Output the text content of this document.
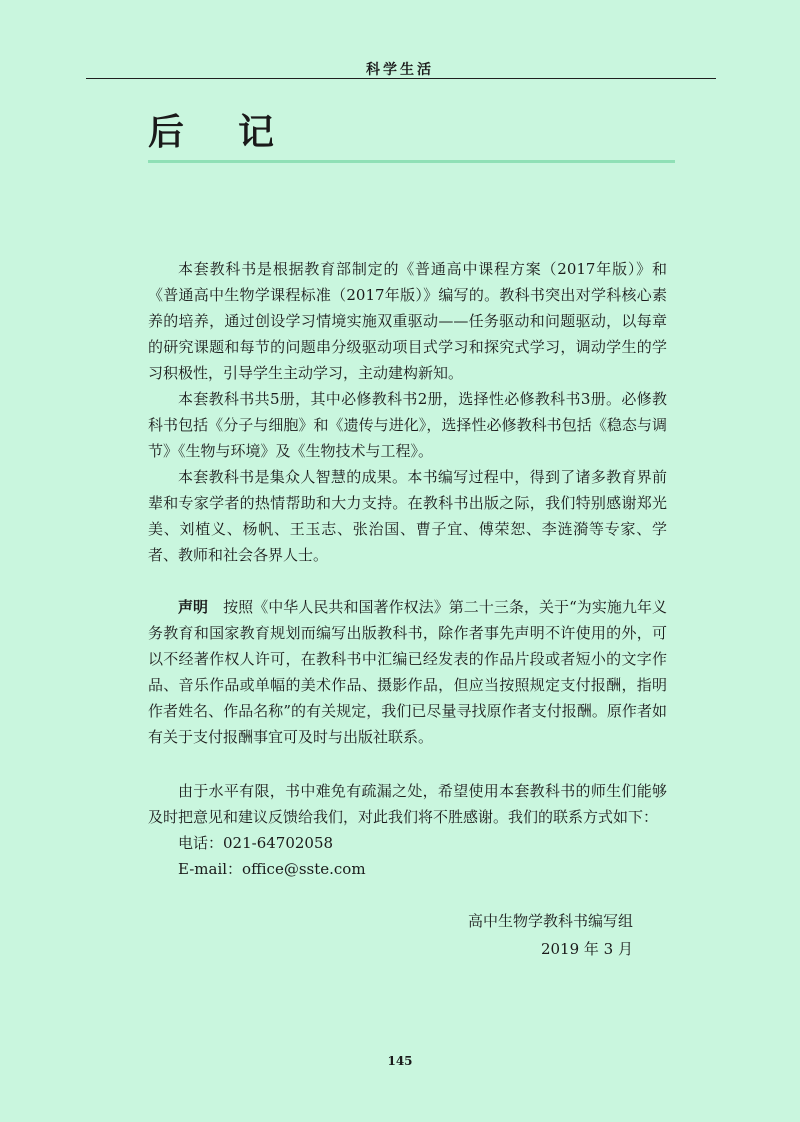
科学生活
后记

本套教科书是根据教育部制定的《普通高中课程方案（2017年版）》和《普通高中生物学课程标准（2017年版）》编写的。教科书突出对学科核心素养的培养，通过创设学习情境实施双重驱动——任务驱动和问题驱动，以每章的研究课题和每节的问题串分级驱动项目式学习和探究式学习，调动学生的学习积极性，引导学生主动学习，主动建构新知。

本套教科书共5册，其中必修教科书2册，选择性必修教科书3册。必修教科书包括《分子与细胞》和《遗传与进化》，选择性必修教科书包括《稳态与调节》《生物与环境》及《生物技术与工程》。

本套教科书是集众人智慧的成果。本书编写过程中，得到了诸多教育界前辈和专家学者的热情帮助和大力支持。在教科书出版之际，我们特别感谢郑光美、刘植义、杨帆、王玉志、张治国、曹子宜、傅荣恕、李涟漪等专家、学者、教师和社会各界人士。

声明　 按照《中华人民共和国著作权法》第二十三条，关于“为实施九年义务教育和国家教育规划而编写出版教科书，除作者事先声明不许使用的外，可以不经著作权人许可，在教科书中汇编已经发表的作品片段或者短小的文字作品、音乐作品或单幅的美术作品、摄影作品，但应当按照规定支付报酬，指明作者姓名、作品名称”的有关规定，我们已尽量寻找原作者支付报酬。原作者如有关于支付报酬事宜可及时与出版社联系。

由于水平有限，书中难免有疏漏之处，希望使用本套教科书的师生们能够及时把意见和建议反馈给我们，对此我们将不胜感谢。我们的联系方式如下：

电话：021-64702058
E-mail：office@sste.com
高中生物学教科书编写组
2019 年 3 月
145
